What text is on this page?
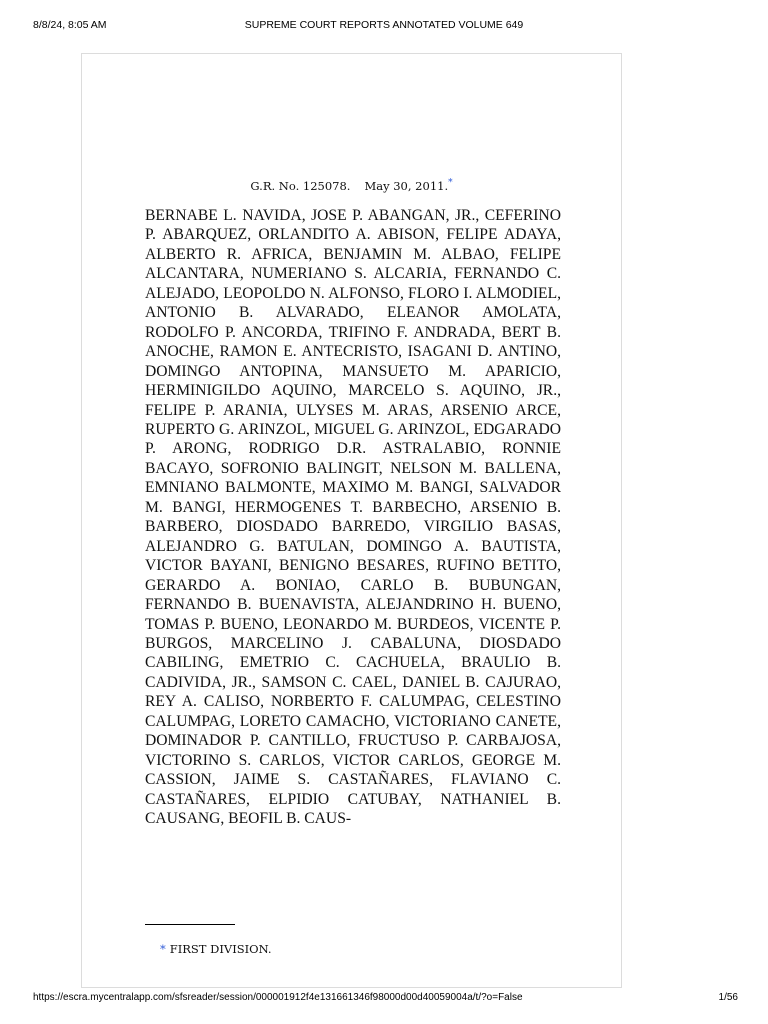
8/8/24, 8:05 AM	SUPREME COURT REPORTS ANNOTATED VOLUME 649
G.R. No. 125078. May 30, 2011.*

BERNABE L. NAVIDA, JOSE P. ABANGAN, JR., CEFERINO P. ABARQUEZ, ORLANDITO A. ABISON, FELIPE ADAYA, ALBERTO R. AFRICA, BENJAMIN M. ALBAO, FELIPE ALCANTARA, NUMERIANO S. ALCARIA, FERNANDO C. ALEJADO, LEOPOLDO N. ALFONSO, FLORO I. ALMODIEL, ANTONIO B. ALVARADO, ELEANOR AMOLATA, RODOLFO P. ANCORDA, TRIFINO F. ANDRADA, BERT B. ANOCHE, RAMON E. ANTECRISTO, ISAGANI D. ANTINO, DOMINGO ANTOPINA, MANSUETO M. APARICIO, HERMINIGILDO AQUINO, MARCELO S. AQUINO, JR., FELIPE P. ARANIA, ULYSES M. ARAS, ARSENIO ARCE, RUPERTO G. ARINZOL, MIGUEL G. ARINZOL, EDGARADO P. ARONG, RODRIGO D.R. ASTRALABIO, RONNIE BACAYO, SOFRONIO BALINGIT, NELSON M. BALLENA, EMNIANO BALMONTE, MAXIMO M. BANGI, SALVADOR M. BANGI, HERMOGENES T. BARBECHO, ARSENIO B. BARBERO, DIOSDADO BARREDO, VIRGILIO BASAS, ALEJANDRO G. BATULAN, DOMINGO A. BAUTISTA, VICTOR BAYANI, BENIGNO BESARES, RUFINO BETITO, GERARDO A. BONIAO, CARLO B. BUBUNGAN, FERNANDO B. BUENAVISTA, ALEJANDRINO H. BUENO, TOMAS P. BUENO, LEONARDO M. BURDEOS, VICENTE P. BURGOS, MARCELINO J. CABALUNA, DIOSDADO CABILING, EMETRIO C. CACHUELA, BRAULIO B. CADIVIDA, JR., SAMSON C. CAEL, DANIEL B. CAJURAO, REY A. CALISO, NORBERTO F. CALUMPAG, CELESTINO CALUMPAG, LORETO CAMACHO, VICTORIANO CANETE, DOMINADOR P. CANTILLO, FRUCTUSO P. CARBAJOSA, VICTORINO S. CARLOS, VICTOR CARLOS, GEORGE M. CASSION, JAIME S. CASTAÑARES, FLAVIANO C. CASTAÑARES, ELPIDIO CATUBAY, NATHANIEL B. CAUSANG, BEOFIL B. CAUS-

* FIRST DIVISION.
https://escra.mycentralapp.com/sfsreader/session/000001912f4e131661346f98000d00d40059004a/t/?o=False	1/56
